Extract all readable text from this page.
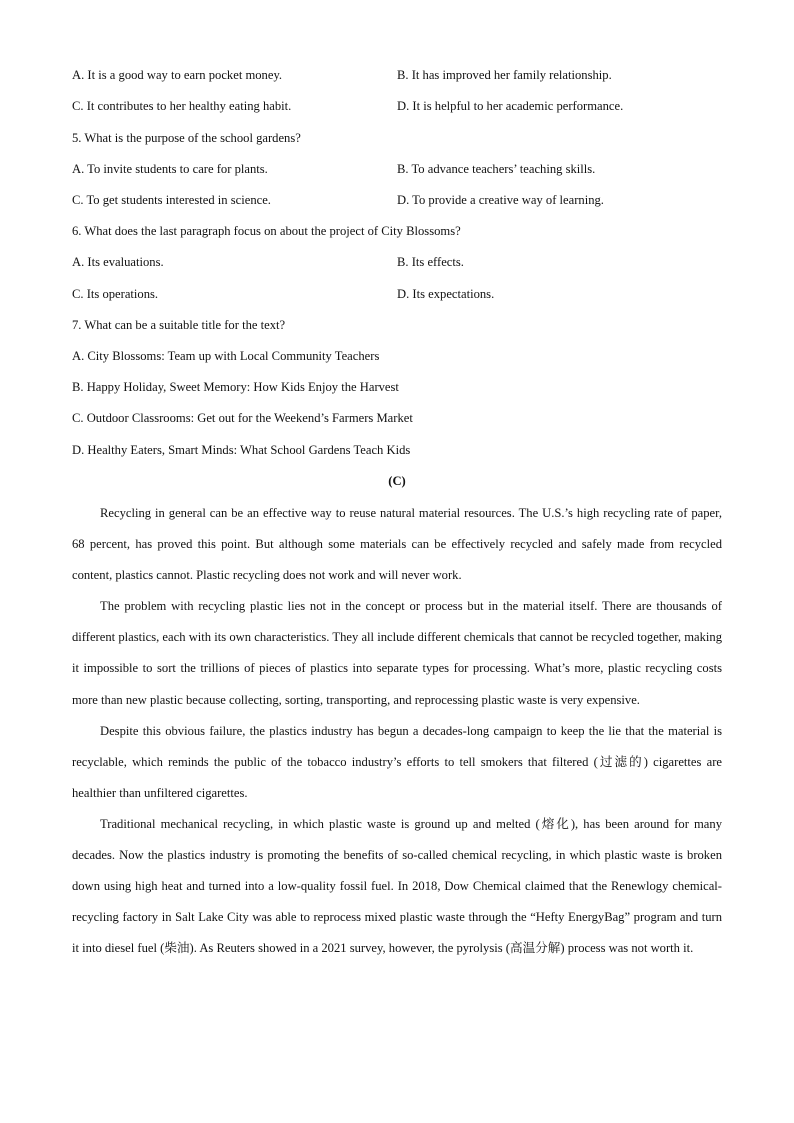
A. It is a good way to earn pocket money.	B. It has improved her family relationship.
C. It contributes to her healthy eating habit.	D. It is helpful to her academic performance.
5. What is the purpose of the school gardens?
A. To invite students to care for plants.	B. To advance teachers’ teaching skills.
C. To get students interested in science.	D. To provide a creative way of learning.
6. What does the last paragraph focus on about the project of City Blossoms?
A. Its evaluations.	B. Its effects.
C. Its operations.	D. Its expectations.
7. What can be a suitable title for the text?
A. City Blossoms: Team up with Local Community Teachers
B. Happy Holiday, Sweet Memory: How Kids Enjoy the Harvest
C. Outdoor Classrooms: Get out for the Weekend’s Farmers Market
D. Healthy Eaters, Smart Minds: What School Gardens Teach Kids
(C)

Recycling in general can be an effective way to reuse natural material resources. The U.S.’s high recycling rate of paper, 68 percent, has proved this point. But although some materials can be effectively recycled and safely made from recycled content, plastics cannot. Plastic recycling does not work and will never work.

The problem with recycling plastic lies not in the concept or process but in the material itself. There are thousands of different plastics, each with its own characteristics. They all include different chemicals that cannot be recycled together, making it impossible to sort the trillions of pieces of plastics into separate types for processing. What’s more, plastic recycling costs more than new plastic because collecting, sorting, transporting, and reprocessing plastic waste is very expensive.

Despite this obvious failure, the plastics industry has begun a decades-long campaign to keep the lie that the material is recyclable, which reminds the public of the tobacco industry’s efforts to tell smokers that filtered (过滤的) cigarettes are healthier than unfiltered cigarettes.

Traditional mechanical recycling, in which plastic waste is ground up and melted (熔化), has been around for many decades. Now the plastics industry is promoting the benefits of so-called chemical recycling, in which plastic waste is broken down using high heat and turned into a low-quality fossil fuel. In 2018, Dow Chemical claimed that the Renewlogy chemical-recycling factory in Salt Lake City was able to reprocess mixed plastic waste through the “Hefty EnergyBag” program and turn it into diesel fuel (柴油). As Reuters showed in a 2021 survey, however, the pyrolysis (高温分解) process was not worth it.
